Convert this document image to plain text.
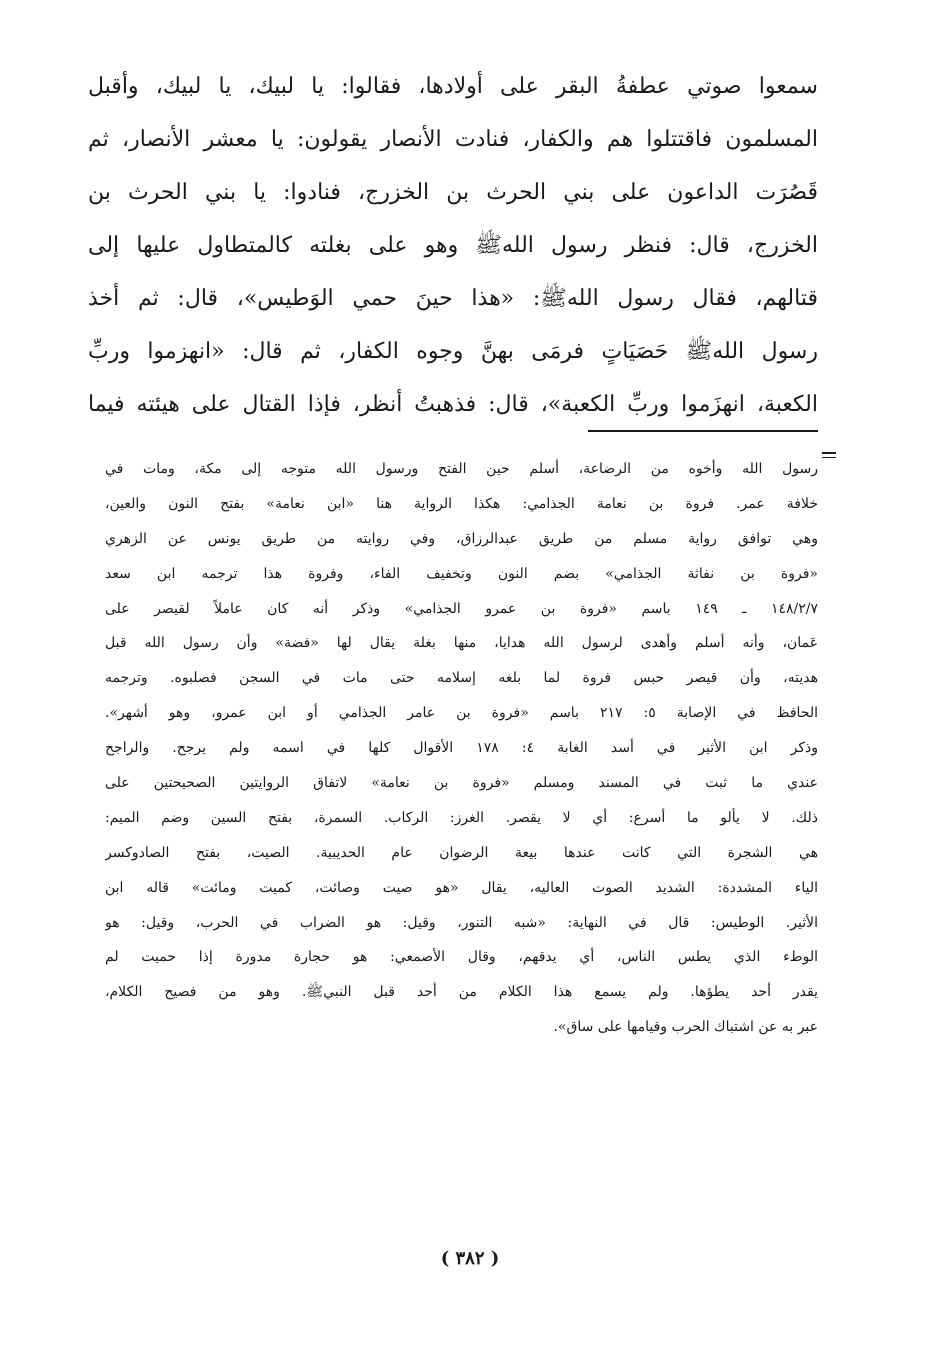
سمعوا صوتي عطفةُ البقر على أولادها، فقالوا: يا لبيك، يا لبيك، وأقبل
المسلمون فاقتتلوا هم والكفار، فنادت الأنصار يقولون: يا معشر الأنصار، ثم
قَصُرَت الداعون على بني الحرث بن الخزرج، فنادوا: يا بني الحرث بن
الخزرج، قال: فنظر رسول اللهﷺ وهو على بغلته كالمتطاول عليها إلى
قتالهم، فقال رسول اللهﷺ: «هذا حينَ حمي الوَطيس»، قال: ثم أخذ
رسول اللهﷺ حَصَيَاتٍ فرمَى بهنَّ وجوه الكفار، ثم قال: «انهزموا وربِّ
الكعبة، انهزَموا وربِّ الكعبة»، قال: فذهبتُ أنظر، فإذا القتال على هيئته فيما
رسول الله وأخوه من الرضاعة، أسلم حين الفتح ورسول الله متوجه إلى مكة، ومات في
خلافة عمر. فروة بن نعامة الجذامي: هكذا الرواية هنا «ابن نعامة» بفتح النون والعين،
وهي توافق رواية مسلم من طريق عبدالرزاق، وفي روايته من طريق يونس عن الزهري
«فروة بن نفاثة الجذامي» بضم النون وتخفيف الفاء، وفروة هذا ترجمه ابن سعد
١٤٨/٢/٧ ـ ١٤٩ باسم «فروة بن عمرو الجذامي» وذكر أنه كان عاملاً لقيصر على
عَمان، وأنه أسلم وأهدى لرسول الله هدايا، منها بغلة يقال لها «فضة» وأن رسول الله قبل
هديته، وأن قيصر حبس فروة لما بلغه إسلامه حتى مات في السجن فصلبوه. وترجمه
الحافظ في الإصابة ٥: ٢١٧ باسم «فروة بن عامر الجذامي أو ابن عمرو، وهو أشهر».
وذكر ابن الأثير في أسد الغابة ٤: ١٧٨ الأقوال كلها في اسمه ولم يرجح. والراجح
عندي ما ثبت في المسند ومسلم «فروة بن نعامة» لاتفاق الروايتين الصحيحتين على
ذلك. لا يألو ما أسرع: أي لا يقصر. الغرز: الركاب. السمرة، بفتح السين وضم الميم:
هي الشجرة التي كانت عندها بيعة الرضوان عام الحديبية. الصيت، بفتح الصادوكسر
الياء المشددة: الشديد الصوت العاليه، يقال «هو صيت وصائت، كميت ومائت» قاله ابن
الأثير. الوطيس: قال في النهاية: «شبه التنور، وقيل: هو الضراب في الحرب، وقيل: هو
الوطء الذي يطس الناس، أي يدقهم، وقال الأصمعي: هو حجارة مدورة إذا حميت لم
يقدر أحد يطؤها. ولم يسمع هذا الكلام من أحد قبل النبيﷺ. وهو من فصيح الكلام،
عبر به عن اشتباك الحرب وقيامها على ساق».
( ٣٨٢ )
